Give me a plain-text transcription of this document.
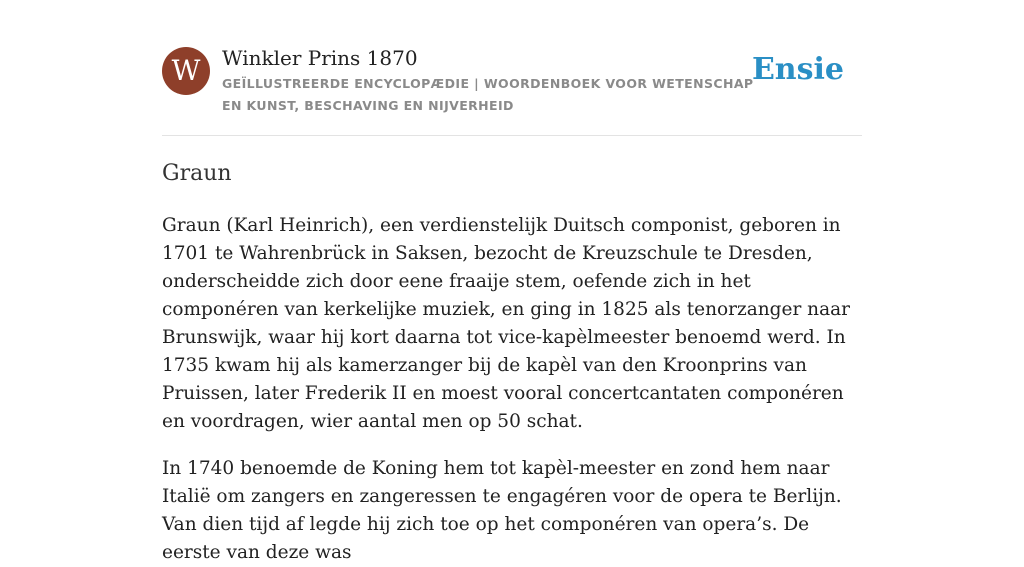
W	Winkler Prins 1870
GEÏLLUSTREERDE ENCYCLOPÆDIE | WOORDENBOEK VOOR WETENSCHAP EN KUNST, BESCHAVING EN NIJVERHEID
Ensie
Graun

Graun (Karl Heinrich), een verdienstelijk Duitsch componist, geboren in 1701 te Wahrenbrück in Saksen, bezocht de Kreuzschule te Dresden, onderscheidde zich door eene fraaije stem, oefende zich in het componéren van kerkelijke muziek, en ging in 1825 als tenorzanger naar Brunswijk, waar hij kort daarna tot vice-kapèlmeester benoemd werd. In 1735 kwam hij als kamerzanger bij de kapèl van den Kroonprins van Pruissen, later Frederik II en moest vooral concertcantaten componéren en voordragen, wier aantal men op 50 schat.

In 1740 benoemde de Koning hem tot kapèl-meester en zond hem naar Italië om zangers en zangeressen te engagéren voor de opera te Berlijn. Van dien tijd af legde hij zich toe op het componéren van opera’s. De eerste van deze was
